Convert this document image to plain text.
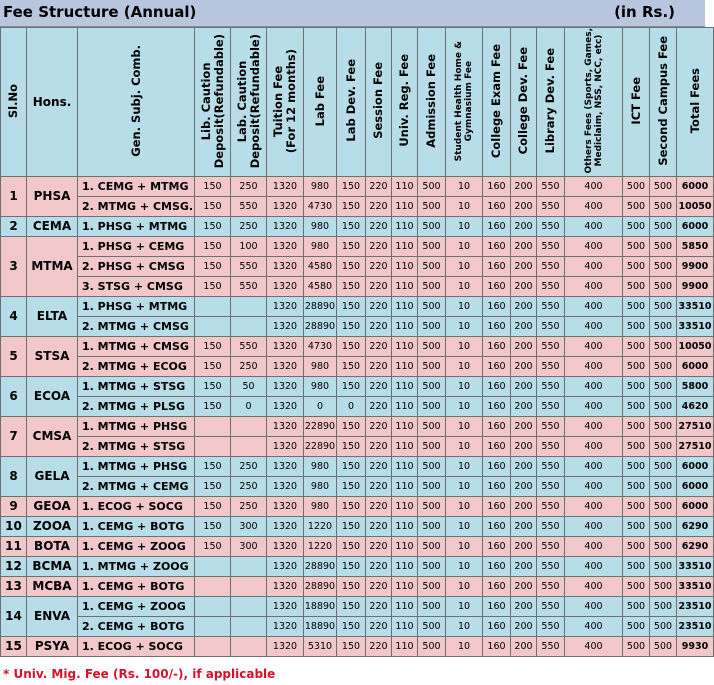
Fee Structure (Annual)	(in Rs.)
Sl.No	Hons.	Gen. Subj. Comb.	Lib. Caution
Deposit(Refundable)	Lab. Caution
Deposit(Refundable)	Tuition Fee
(For 12 months)	Lab Fee	Lab Dev. Fee	Session Fee	Univ. Reg. Fee	Admission Fee	Student Health Home &
Gymnasium Fee	College Exam Fee	College Dev. Fee	Library Dev. Fee	Others Fees (Sports, Games,
Mediclaim, NSS, NCC, etc)	ICT Fee	Second Campus Fee	Total Fees
1	PHSA	1. CEMG + MTMG	150	250	1320	980	150	220	110	500	10	160	200	550	400	500	500	6000
		2. MTMG + CMSG.	150	550	1320	4730	150	220	110	500	10	160	200	550	400	500	500	10050
2	CEMA	1. PHSG + MTMG	150	250	1320	980	150	220	110	500	10	160	200	550	400	500	500	6000
3	MTMA	1. PHSG + CEMG	150	100	1320	980	150	220	110	500	10	160	200	550	400	500	500	5850
		2. PHSG + CMSG	150	550	1320	4580	150	220	110	500	10	160	200	550	400	500	500	9900
		3. STSG + CMSG	150	550	1320	4580	150	220	110	500	10	160	200	550	400	500	500	9900
4	ELTA	1. PHSG + MTMG			1320	28890	150	220	110	500	10	160	200	550	400	500	500	33510
		2. MTMG + CMSG			1320	28890	150	220	110	500	10	160	200	550	400	500	500	33510
5	STSA	1. MTMG + CMSG	150	550	1320	4730	150	220	110	500	10	160	200	550	400	500	500	10050
		2. MTMG + ECOG	150	250	1320	980	150	220	110	500	10	160	200	550	400	500	500	6000
6	ECOA	1. MTMG + STSG	150	50	1320	980	150	220	110	500	10	160	200	550	400	500	500	5800
		2. MTMG + PLSG	150	0	1320	0	0	220	110	500	10	160	200	550	400	500	500	4620
7	CMSA	1. MTMG + PHSG			1320	22890	150	220	110	500	10	160	200	550	400	500	500	27510
		2. MTMG + STSG			1320	22890	150	220	110	500	10	160	200	550	400	500	500	27510
8	GELA	1. MTMG + PHSG	150	250	1320	980	150	220	110	500	10	160	200	550	400	500	500	6000
		2. MTMG + CEMG	150	250	1320	980	150	220	110	500	10	160	200	550	400	500	500	6000
9	GEOA	1. ECOG + SOCG	150	250	1320	980	150	220	110	500	10	160	200	550	400	500	500	6000
10	ZOOA	1. CEMG + BOTG	150	300	1320	1220	150	220	110	500	10	160	200	550	400	500	500	6290
11	BOTA	1. CEMG + ZOOG	150	300	1320	1220	150	220	110	500	10	160	200	550	400	500	500	6290
12	BCMA	1. MTMG + ZOOG			1320	28890	150	220	110	500	10	160	200	550	400	500	500	33510
13	MCBA	1. CEMG + BOTG			1320	28890	150	220	110	500	10	160	200	550	400	500	500	33510
14	ENVA	1. CEMG + ZOOG			1320	18890	150	220	110	500	10	160	200	550	400	500	500	23510
		2. CEMG + BOTG			1320	18890	150	220	110	500	10	160	200	550	400	500	500	23510
15	PSYA	1. ECOG + SOCG			1320	5310	150	220	110	500	10	160	200	550	400	500	500	9930
* Univ. Mig. Fee (Rs. 100/-), if applicable
